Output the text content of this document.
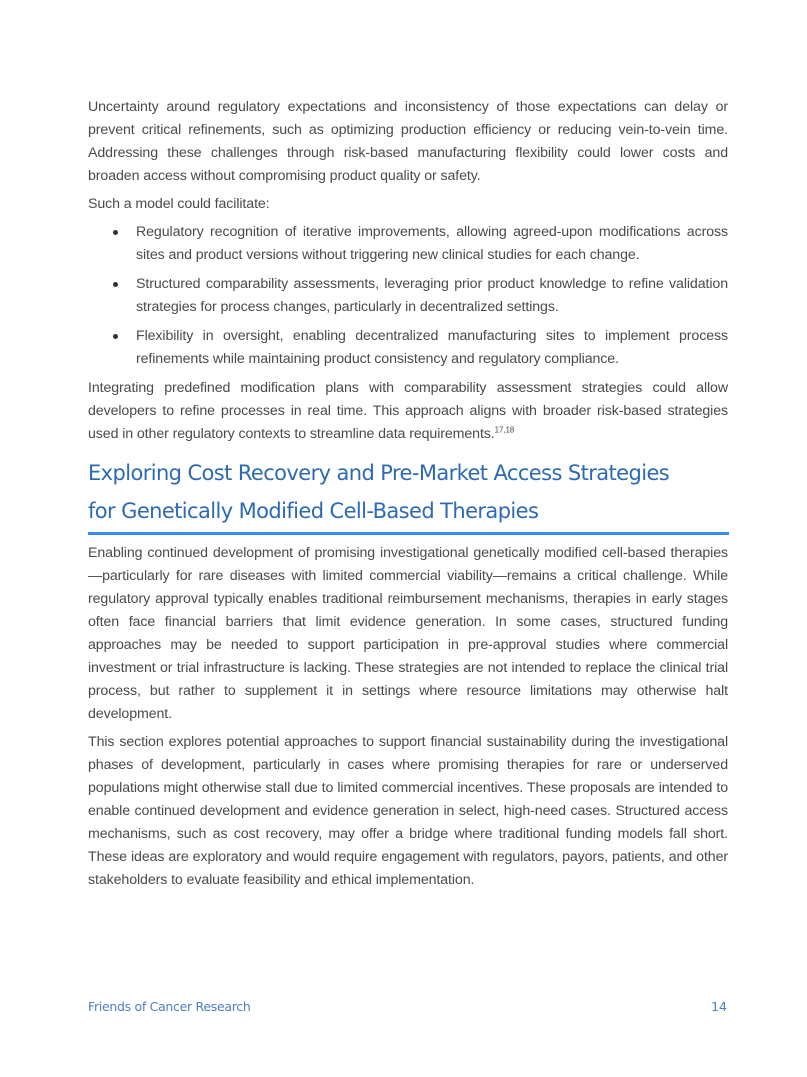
Uncertainty around regulatory expectations and inconsistency of those expectations can delay or prevent critical refinements, such as optimizing production efficiency or reducing vein-to-vein time. Addressing these challenges through risk-based manufacturing flexibility could lower costs and broaden access without compromising product quality or safety.

Such a model could facilitate:

Regulatory recognition of iterative improvements, allowing agreed-upon modifications across sites and product versions without triggering new clinical studies for each change.

Structured comparability assessments, leveraging prior product knowledge to refine validation strategies for process changes, particularly in decentralized settings.

Flexibility in oversight, enabling decentralized manufacturing sites to implement process refinements while maintaining product consistency and regulatory compliance.

Integrating predefined modification plans with comparability assessment strategies could allow developers to refine processes in real time. This approach aligns with broader risk-based strategies used in other regulatory contexts to streamline data requirements.$^{17,18}$

Exploring Cost Recovery and Pre-Market Access Strategies
for Genetically Modified Cell-Based Therapies

Enabling continued development of promising investigational genetically modified cell-based therapies—particularly for rare diseases with limited commercial viability—remains a critical challenge. While regulatory approval typically enables traditional reimbursement mechanisms, therapies in early stages often face financial barriers that limit evidence generation. In some cases, structured funding approaches may be needed to support participation in pre-approval studies where commercial investment or trial infrastructure is lacking. These strategies are not intended to replace the clinical trial process, but rather to supplement it in settings where resource limitations may otherwise halt development.

This section explores potential approaches to support financial sustainability during the investigational phases of development, particularly in cases where promising therapies for rare or underserved populations might otherwise stall due to limited commercial incentives. These proposals are intended to enable continued development and evidence generation in select, high-need cases. Structured access mechanisms, such as cost recovery, may offer a bridge where traditional funding models fall short. These ideas are exploratory and would require engagement with regulators, payors, patients, and other stakeholders to evaluate feasibility and ethical implementation.

Friends of Cancer Research	14
